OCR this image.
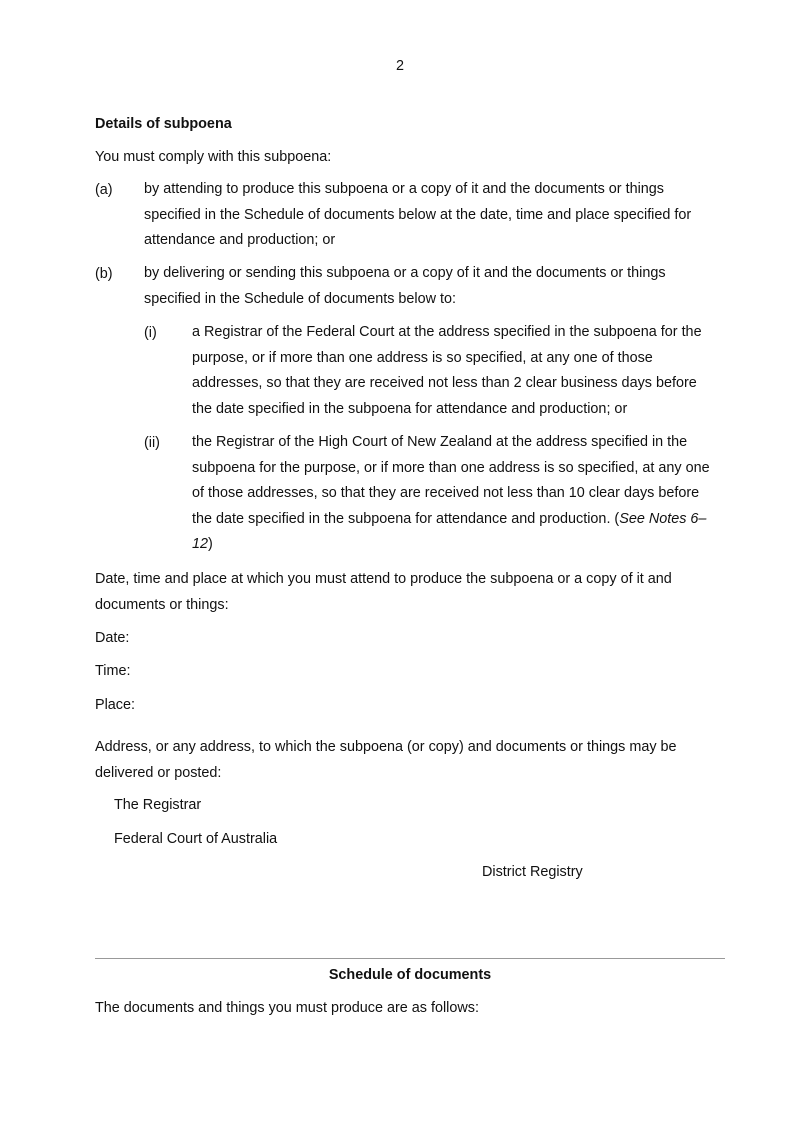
2
Details of subpoena
You must comply with this subpoena:
(a) by attending to produce this subpoena or a copy of it and the documents or things
specified in the Schedule of documents below at the date, time and place specified for
attendance and production; or
(b) by delivering or sending this subpoena or a copy of it and the documents or things
specified in the Schedule of documents below to:
(i) a Registrar of the Federal Court at the address specified in the subpoena for the
purpose, or if more than one address is so specified, at any one of those
addresses, so that they are received not less than 2 clear business days before
the date specified in the subpoena for attendance and production; or
(ii) the Registrar of the High Court of New Zealand at the address specified in the
subpoena for the purpose, or if more than one address is so specified, at any one
of those addresses, so that they are received not less than 10 clear days before
the date specified in the subpoena for attendance and production. (See Notes 6–
12)
Date, time and place at which you must attend to produce the subpoena or a copy of it and
documents or things:
Date:
Time:
Place:
Address, or any address, to which the subpoena (or copy) and documents or things may be
delivered or posted:
The Registrar
Federal Court of Australia
District Registry
Schedule of documents
The documents and things you must produce are as follows:
